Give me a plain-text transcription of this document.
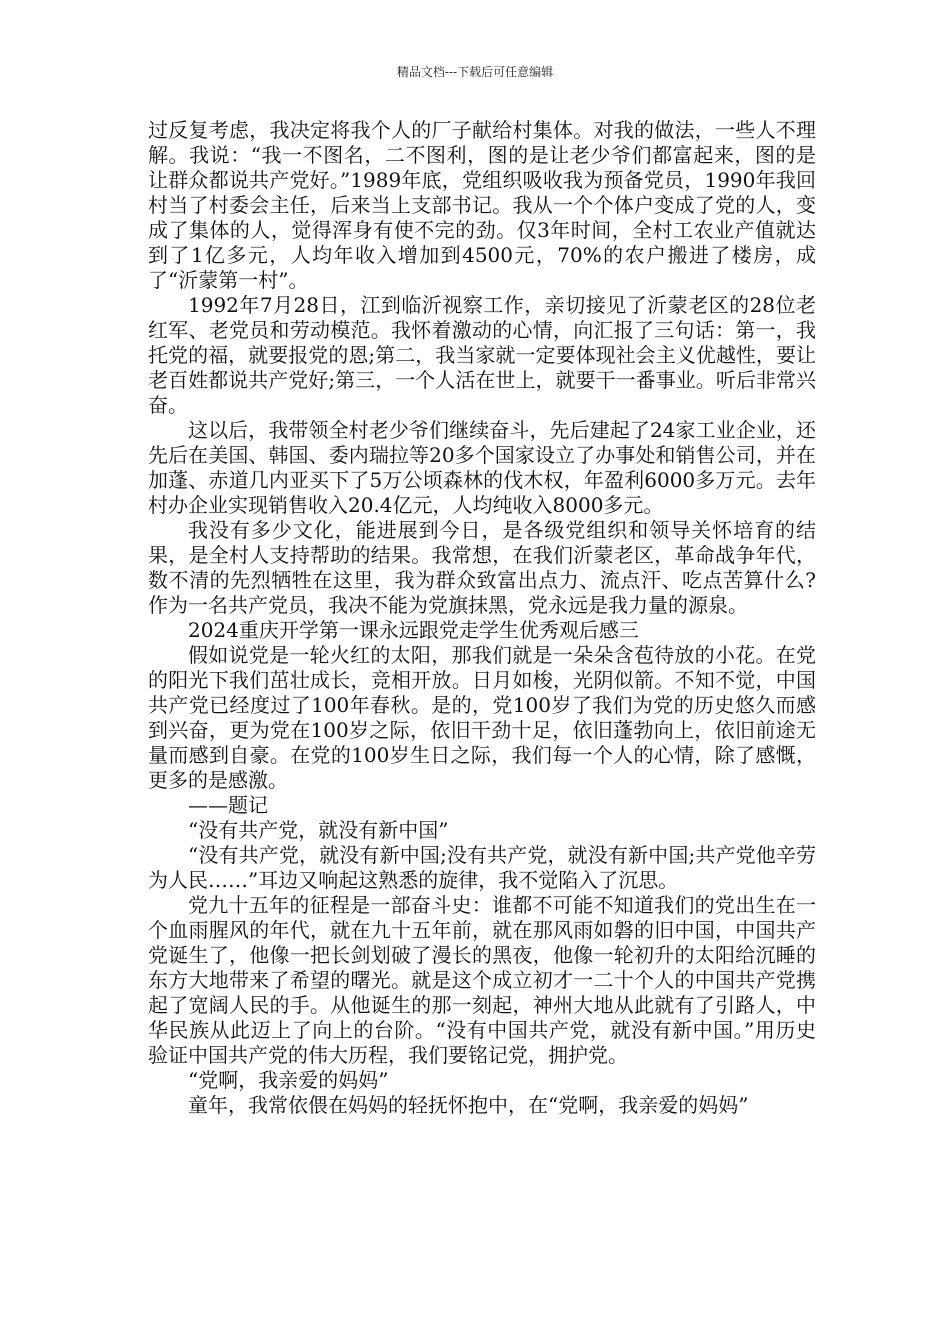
精品文档---下载后可任意编辑

过反复考虑，我决定将我个人的厂子献给村集体。对我的做法，一些人不理解。我说：“我一不图名，二不图利，图的是让老少爷们都富起来，图的是让群众都说共产党好。”1989年底，党组织吸收我为预备党员，1990年我回村当了村委会主任，后来当上支部书记。我从一个个体户变成了党的人，变成了集体的人，觉得浑身有使不完的劲。仅3年时间，全村工农业产值就达到了1亿多元，人均年收入增加到4500元，70%的农户搬进了楼房，成了“沂蒙第一村”。

1992年7月28日，江到临沂视察工作，亲切接见了沂蒙老区的28位老红军、老党员和劳动模范。我怀着激动的心情，向汇报了三句话：第一，我托党的福，就要报党的恩;第二，我当家就一定要体现社会主义优越性，要让老百姓都说共产党好;第三，一个人活在世上，就要干一番事业。听后非常兴奋。

这以后，我带领全村老少爷们继续奋斗，先后建起了24家工业企业，还先后在美国、韩国、委内瑞拉等20多个国家设立了办事处和销售公司，并在加蓬、赤道几内亚买下了5万公顷森林的伐木权，年盈利6000多万元。去年村办企业实现销售收入20.4亿元，人均纯收入8000多元。

我没有多少文化，能进展到今日，是各级党组织和领导关怀培育的结果，是全村人支持帮助的结果。我常想，在我们沂蒙老区，革命战争年代，数不清的先烈牺牲在这里，我为群众致富出点力、流点汗、吃点苦算什么?作为一名共产党员，我决不能为党旗抹黑，党永远是我力量的源泉。

2024重庆开学第一课永远跟党走学生优秀观后感三

假如说党是一轮火红的太阳，那我们就是一朵朵含苞待放的小花。在党的阳光下我们茁壮成长，竞相开放。日月如梭，光阴似箭。不知不觉，中国共产党已经度过了100年春秋。是的，党100岁了我们为党的历史悠久而感到兴奋，更为党在100岁之际，依旧干劲十足，依旧蓬勃向上，依旧前途无量而感到自豪。在党的100岁生日之际，我们每一个人的心情，除了感慨，更多的是感激。

——题记

“没有共产党，就没有新中国”

“没有共产党，就没有新中国;没有共产党，就没有新中国;共产党他辛劳为人民……”耳边又响起这熟悉的旋律，我不觉陷入了沉思。

党九十五年的征程是一部奋斗史：谁都不可能不知道我们的党出生在一个血雨腥风的年代，就在九十五年前，就在那风雨如磐的旧中国，中国共产党诞生了，他像一把长剑划破了漫长的黑夜，他像一轮初升的太阳给沉睡的东方大地带来了希望的曙光。就是这个成立初才一二十个人的中国共产党携起了宽阔人民的手。从他诞生的那一刻起，神州大地从此就有了引路人，中华民族从此迈上了向上的台阶。“没有中国共产党，就没有新中国。”用历史验证中国共产党的伟大历程，我们要铭记党，拥护党。

“党啊，我亲爱的妈妈”

童年，我常依偎在妈妈的轻抚怀抱中，在“党啊，我亲爱的妈妈”
